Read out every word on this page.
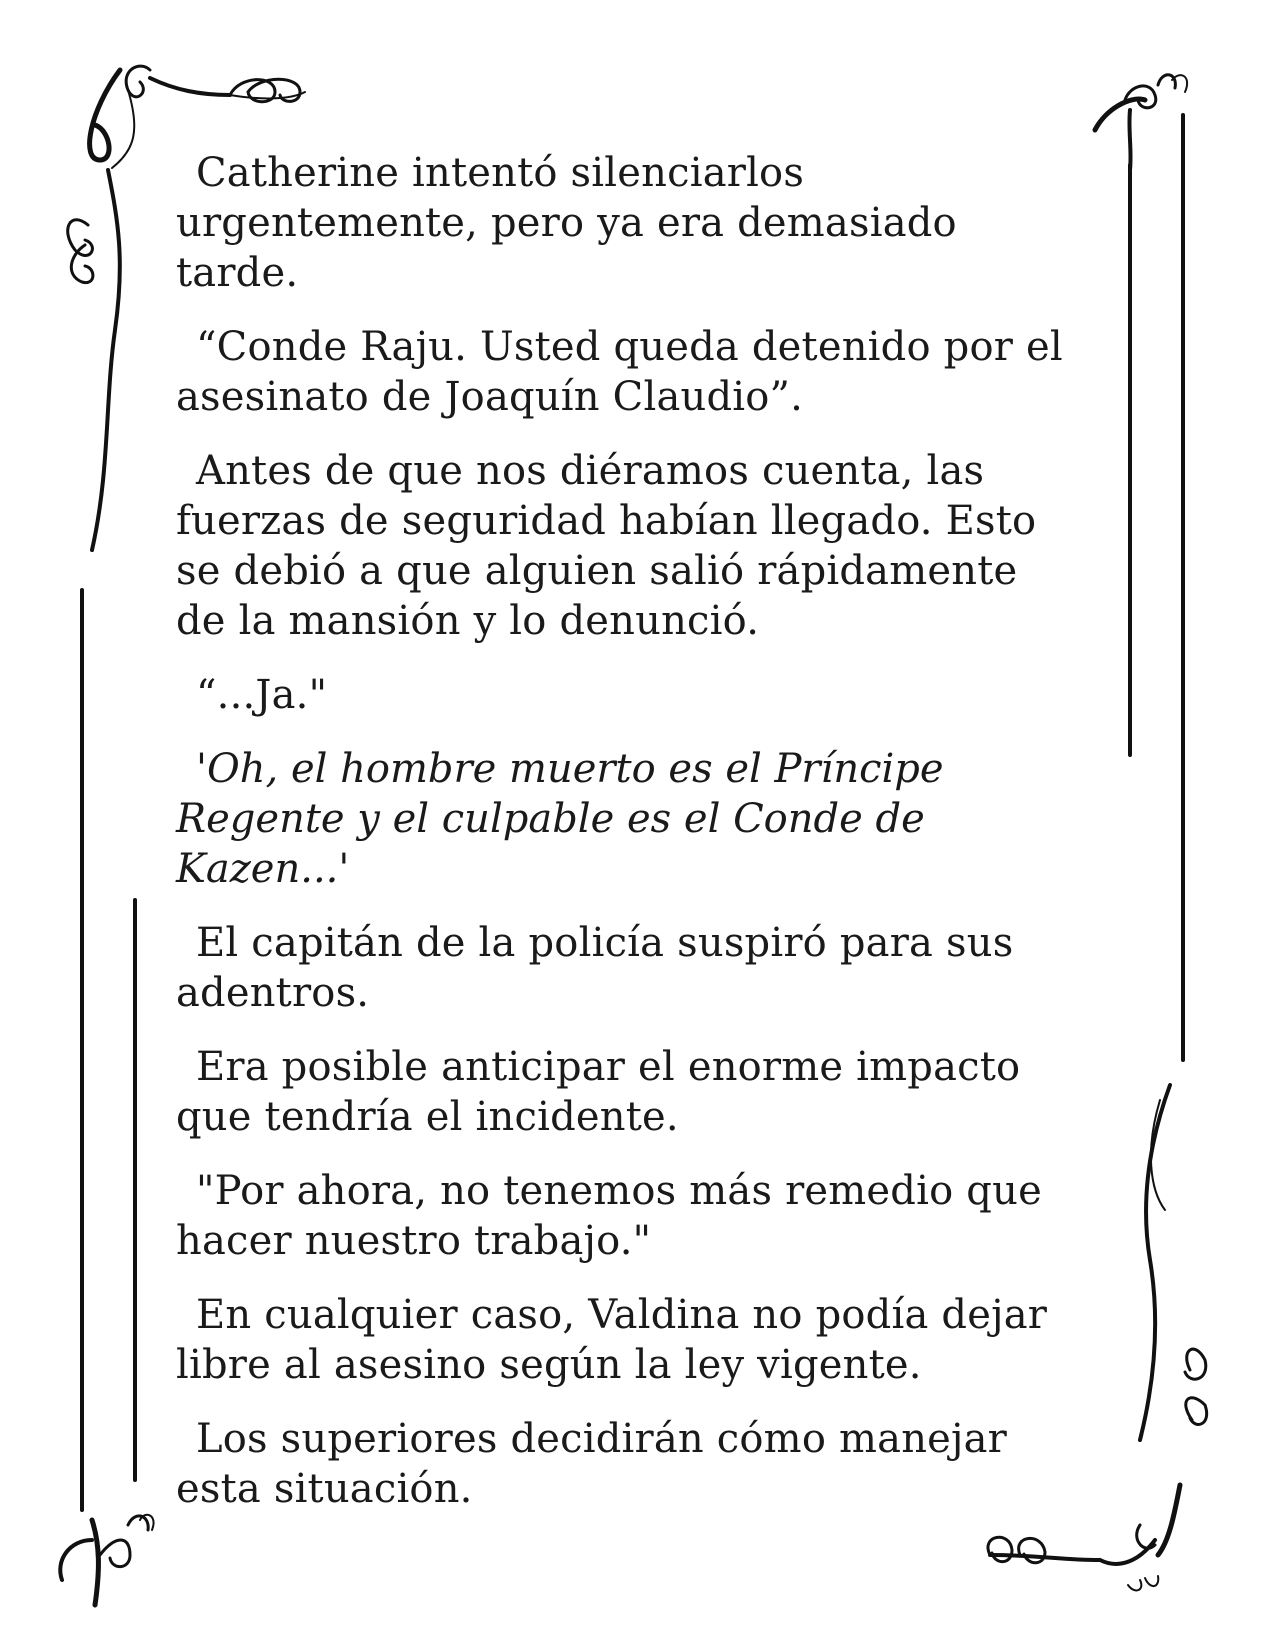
Catherine intentó silenciarlos urgentemente, pero ya era demasiado tarde.

“Conde Raju. Usted queda detenido por el asesinato de Joaquín Claudio”.

Antes de que nos diéramos cuenta, las fuerzas de seguridad habían llegado. Esto se debió a que alguien salió rápidamente de la mansión y lo denunció.

“...Ja."

'Oh, el hombre muerto es el Príncipe Regente y el culpable es el Conde de Kazen...'

El capitán de la policía suspiró para sus adentros.

Era posible anticipar el enorme impacto que tendría el incidente.

"Por ahora, no tenemos más remedio que hacer nuestro trabajo."

En cualquier caso, Valdina no podía dejar libre al asesino según la ley vigente.

Los superiores decidirán cómo manejar esta situación.
